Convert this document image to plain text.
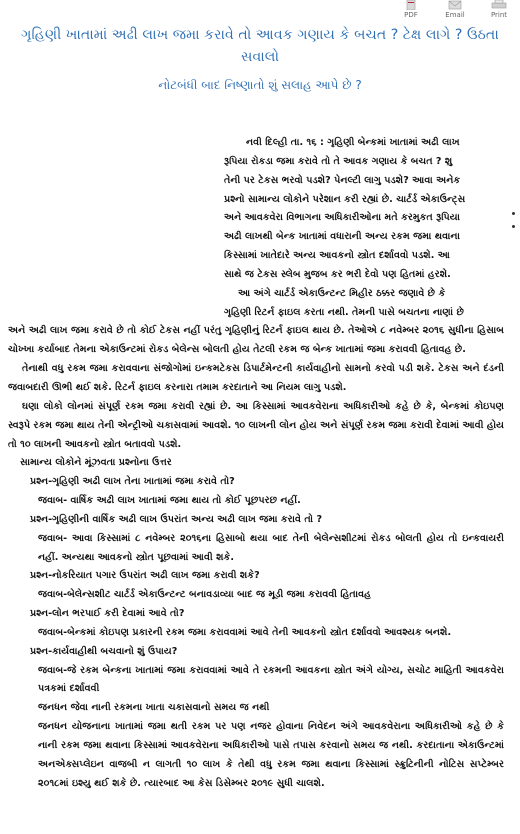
PDF	Email	Print
ગૃહિણી ખાતામાં અઢી લાખ જમા કરાવે તો આવક ગણાય કે બચત ? ટેક્ષ લાગે ? ઉઠતા સવાલો
નોટબંધી બાદ નિષ્ણાતો શું સલાહ આપે છે ?
નવી દિલ્હી તા. ૧૬ : ગૃહિણી બેન્કમાં ખાતામાં અઢી લાખ
રૂપિયા રોકડા જમા કરાવે તો તે આવક ગણાય કે બચત ? શુ
તેની પર ટેકસ ભરવો પડશે? પેનલ્ટી લાગુ પડશે? આવા અનેક
પ્રશ્નો સામાન્ય લોકોને પરેશાન કરી રહ્યાં છે. ચાર્ટર્ડ એકાઉન્ટ્સ
અને આવકવેરા વિભાગના અધિકારીઓના મતે કરમુકત રૂપિયા
અઢી લાખથી બેન્ક ખાતામાં વધારાની અન્ય રકમ જમા થવાના
કિસ્સામાં ખાતેદારે અન્ય આવકનો સ્ત્રોત દર્શાવવો પડશે. આ
સાથે જ ટેકસ સ્લેબ મુજબ કર ભરી દેવો પણ હિતમાં હરશે.
આ અંગે ચાર્ટર્ડ એકાઉન્ટન્ટ મિહીર ઠક્કર જણાવે છે કે
ગૃહિણી રિટર્ન ફાઇલ કરતા નથી. તેમની પાસે બચતના નાણાં છે
અને અઢી લાખ જમા કરાવે છે તો કોઈ ટેકસ નહીં પરંતુ ગૃહિણીનું રિટર્ન ફાઇલ થાય છે. તેઓએ ૮ નવેમ્બર ૨૦૧૬ સુધીના હિસાબ ચોખ્ખા કર્યાબાદ તેમના એકાઉન્ટમાં રોકડ બેલેન્સ બોલતી હોય તેટલી રકમ જ બેન્ક ખાતામાં જમા કરાવવી હિતાવહ છે.
તેનાથી વધુ રકમ જમા કરાવવાના સંજોગોમાં ઇન્કમટેકસ ડિપાર્ટમેન્ટની કાર્યવાહીનો સામનો કરવો પડી શકે. ટેકસ અને દંડની જવાબદારી ઊભી થઈ શકે. રિટર્ન ફાઇલ કરનારા તમામ કરદાતાને આ નિયમ લાગુ પડશે.
ઘણા લોકો લોનમાં સંપૂર્ણ રકમ જમા કરાવી રહ્યાં છે. આ કિસ્સામાં આવકવેરાના અધિકારીઓ કહે છે કે, બેન્કમાં કોઇપણ સ્વરૂપે રકમ જમા થાય તેની એન્ટ્રીઓ ચકાસવામાં આવશે. ૧૦ લાખની લોન હોય અને સંપૂર્ણ રકમ જમા કરાવી દેવામાં આવી હોય તો ૧૦ લાખની આવકનો સ્ત્રોત બતાવવો પડશે.
સામાન્ય લોકોને મૂંઝવતા પ્રશ્નોના ઉત્તર
પ્રશ્ન-ગૃહિણી અઢી લાખ તેના ખાતામાં જમા કરાવે તો?
જવાબ- વાર્ષિક અઢી લાખ ખાતામાં જમા થાય તો કોઈ પૂછપરછ નહીં.
પ્રશ્ન-ગૃહિણીની વાર્ષિક અઢી લાખ ઉપરાંત અન્ય અઢી લાખ જમા કરાવે તો ?
જવાબ- આવા કિસ્સામાં ૮ નવેમ્બર ૨૦૧૬ના હિસાબો થયા બાદ તેની બેલેન્સશીટમાં રોકડ બોલતી હોય તો ઇન્કવાયરી નહીં. અન્યથા આવકનો સ્ત્રોત પૂછવામાં આવી શકે.
પ્રશ્ન-નોકરિયાત પગાર ઉપરાંત અઢી લાખ જમા કરાવી શકે?
જવાબ-બેલેન્સશીટ ચાર્ટર્ડ એકાઉન્ટન્ટ બનાવડાવ્યા બાદ જ મૂડી જમા કરાવવી હિતાવહ
પ્રશ્ન-લોન ભરપાઈ કરી દેવામાં આવે તો?
જવાબ-બેન્કમાં કોઇપણ પ્રકારની રકમ જમા કરાવવામાં આવે તેની આવકનો સ્ત્રોત દર્શાવવો આવશ્યક બનશે.
પ્રશ્ન-કાર્યવાહીથી બચવાનો શું ઉપાય?
જવાબ-જે રકમ બેન્કના ખાતામાં જમા કરાવવામાં આવે તે રકમની આવકના સ્ત્રોત અંગે યોગ્ય, સચોટ માહિતી આવકવેરા પત્રકમાં દર્શાવવી
જનધન જેવા નાની રકમના ખાતા ચકાસવાનો સમય જ નથી
જનધન યોજનાના ખાતામાં જમા થતી રકમ પર પણ નજર હોવાના નિવેદન અંગે આવકવેરાના અધિકારીઓ કહે છે કે નાની રકમ જમા થવાના કિસ્સામાં આવકવેરાના અધિકારીઓ પાસે તપાસ કરવાનો સમય જ નથી. કરદાતાના એકાઉન્ટમાં અનએક્સપ્લેઇન વાજબી ન લાગતી ૧૦ લાખ કે તેથી વધુ રકમ જમા થવાના કિસ્સામાં સ્ક્રુટિનીની નોટિસ સપ્ટેમ્બર ૨૦૧૮માં ઇશ્યુ થઈ શકે છે. ત્યારબાદ આ કેસ ડિસેમ્બર ૨૦૧૯ સુધી ચાલશે.
